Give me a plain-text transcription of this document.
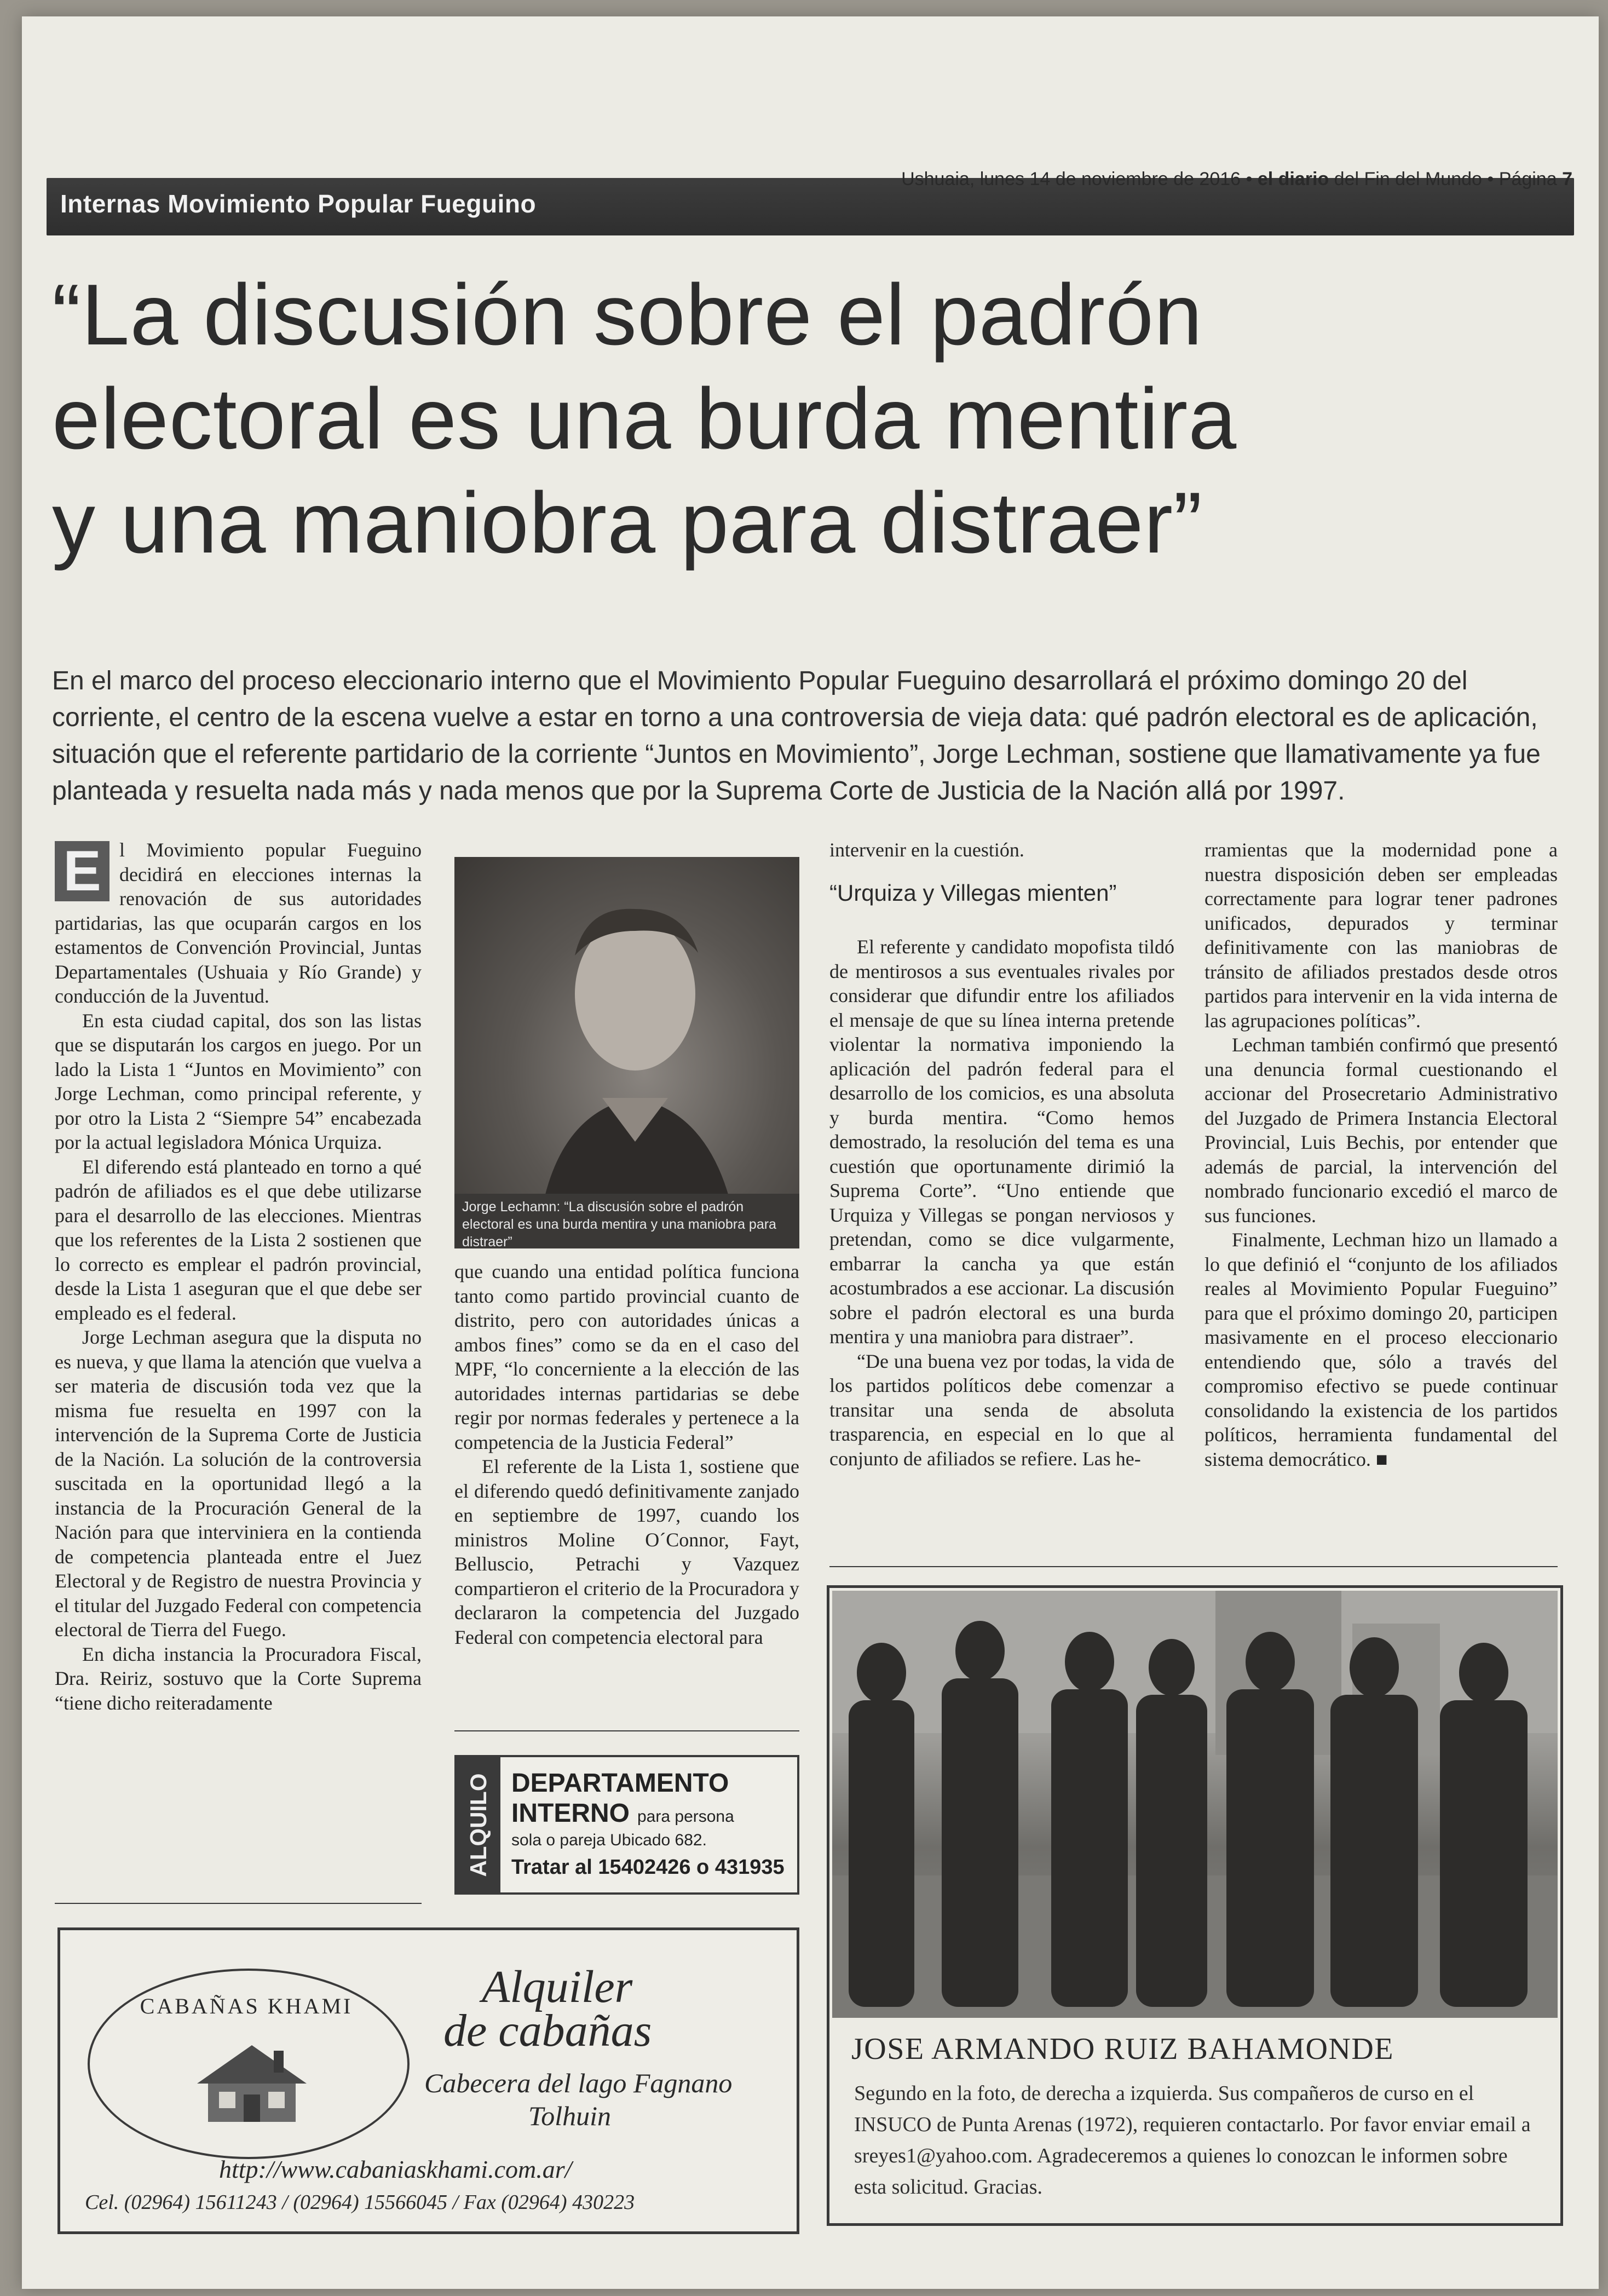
Internas Movimiento Popular Fueguino
Ushuaia, lunes 14 de noviembre de 2016 • el diario del Fin del Mundo • Página 7
“La discusión sobre el padrón
electoral es una burda mentira
y una maniobra para distraer”
En el marco del proceso eleccionario interno que el Movimiento Popular Fueguino desarrollará el próximo domingo 20 del corriente, el centro de la escena vuelve a estar en torno a una controversia de vieja data: qué padrón electoral es de aplicación, situación que el referente partidario de la corriente “Juntos en Movimiento”, Jorge Lechman, sostiene que llamativamente ya fue planteada y resuelta nada más y nada menos que por la Suprema Corte de Justicia de la Nación allá por 1997.
E l Movimiento popular Fueguino decidirá en elecciones internas la renovación de sus autoridades partidarias, las que ocuparán cargos en los estamentos de Convención Provincial, Juntas Departamentales (Ushuaia y Río Grande) y conducción de la Juventud.

En esta ciudad capital, dos son las listas que se disputarán los cargos en juego. Por un lado la Lista 1 “Juntos en Movimiento” con Jorge Lechman, como principal referente, y por otro la Lista 2 “Siempre 54” encabezada por la actual legisladora Mónica Urquiza.

El diferendo está planteado en torno a qué padrón de afiliados es el que debe utilizarse para el desarrollo de las elecciones. Mientras que los referentes de la Lista 2 sostienen que lo correcto es emplear el padrón provincial, desde la Lista 1 aseguran que el que debe ser empleado es el federal.

Jorge Lechman asegura que la disputa no es nueva, y que llama la atención que vuelva a ser materia de discusión toda vez que la misma fue resuelta en 1997 con la intervención de la Suprema Corte de Justicia de la Nación. La solución de la controversia suscitada en la oportunidad llegó a la instancia de la Procuración General de la Nación para que interviniera en la contienda de competencia planteada entre el Juez Electoral y de Registro de nuestra Provincia y el titular del Juzgado Federal con competencia electoral de Tierra del Fuego.

En dicha instancia la Procuradora Fiscal, Dra. Reiriz, sostuvo que la Corte Suprema “tiene dicho reiteradamente

Jorge Lechamn: “La discusión sobre el padrón electoral es una burda mentira y una maniobra para distraer”

que cuando una entidad política funciona tanto como partido provincial cuanto de distrito, pero con autoridades únicas a ambos fines” como se da en el caso del MPF, “lo concerniente a la elección de las autoridades internas partidarias se debe regir por normas federales y pertenece a la competencia de la Justicia Federal”

El referente de la Lista 1, sostiene que el diferendo quedó definitivamente zanjado en septiembre de 1997, cuando los ministros Moline O´Connor, Fayt, Belluscio, Petrachi y Vazquez compartieron el criterio de la Procuradora y declararon la competencia del Juzgado Federal con competencia electoral para

ALQUILO DEPARTAMENTO
INTERNO para persona
sola o pareja Ubicado 682.
Tratar al 15402426 o 431935

intervenir en la cuestión.

“Urquiza y Villegas mienten”

El referente y candidato mopofista tildó de mentirosos a sus eventuales rivales por considerar que difundir entre los afiliados el mensaje de que su línea interna pretende violentar la normativa imponiendo la aplicación del padrón federal para el desarrollo de los comicios, es una absoluta y burda mentira. “Como hemos demostrado, la resolución del tema es una cuestión que oportunamente dirimió la Suprema Corte”. “Uno entiende que Urquiza y Villegas se pongan nerviosos y pretendan, como se dice vulgarmente, embarrar la cancha ya que están acostumbrados a ese accionar. La discusión sobre el padrón electoral es una burda mentira y una maniobra para distraer”.

“De una buena vez por todas, la vida de los partidos políticos debe comenzar a transitar una senda de absoluta trasparencia, en especial en lo que al conjunto de afiliados se refiere. Las he-

rramientas que la modernidad pone a nuestra disposición deben ser empleadas correctamente para lograr tener padrones unificados, depurados y terminar definitivamente con las maniobras de tránsito de afiliados prestados desde otros partidos para intervenir en la vida interna de las agrupaciones políticas”.

Lechman también confirmó que presentó una denuncia formal cuestionando el accionar del Prosecretario Administrativo del Juzgado de Primera Instancia Electoral Provincial, Luis Bechis, por entender que además de parcial, la intervención del nombrado funcionario excedió el marco de sus funciones.

Finalmente, Lechman hizo un llamado a lo que definió el “conjunto de los afiliados reales al Movimiento Popular Fueguino” para que el próximo domingo 20, participen masivamente en el proceso eleccionario entendiendo que, sólo a través del compromiso efectivo se puede continuar consolidando la existencia de los partidos políticos, herramienta fundamental del sistema democrático. ■

CABAÑAS KHAMI	Alquiler
de cabañas
Cabecera del lago Fagnano
Tolhuin
http://www.cabaniaskhami.com.ar/
Cel. (02964) 15611243 / (02964) 15566045 / Fax (02964) 430223
JOSE ARMANDO RUIZ BAHAMONDE
Segundo en la foto, de derecha a izquierda. Sus compañeros de curso en el INSUCO de Punta Arenas (1972), requieren contactarlo. Por favor enviar email a sreyes1@yahoo.com. Agradeceremos a quienes lo conozcan le informen sobre esta solicitud. Gracias.
